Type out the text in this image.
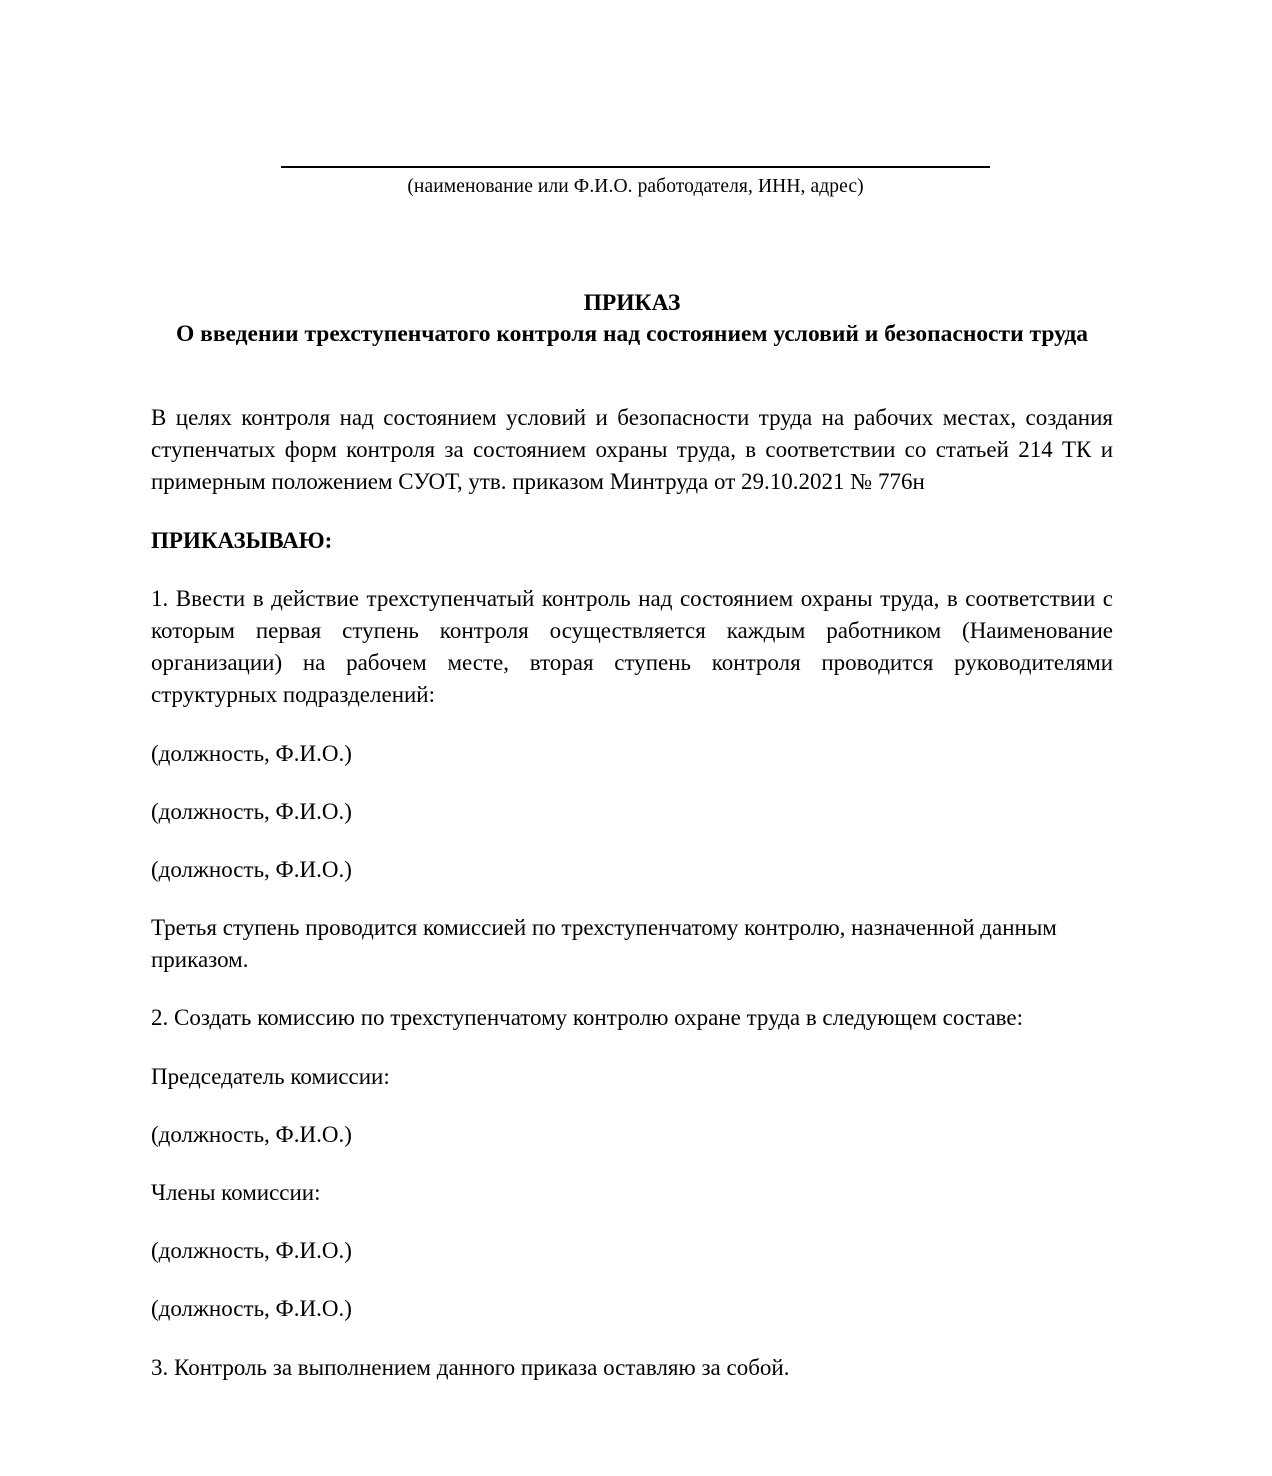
(наименование или Ф.И.О. работодателя, ИНН, адрес)
ПРИКАЗ
О введении трехступенчатого контроля над состоянием условий и безопасности труда

В целях контроля над состоянием условий и безопасности труда на рабочих местах, создания ступенчатых форм контроля за состоянием охраны труда, в соответствии со статьей 214 ТК и примерным положением СУОТ, утв. приказом Минтруда от 29.10.2021 № 776н

ПРИКАЗЫВАЮ:

1. Ввести в действие трехступенчатый контроль над состоянием охраны труда, в соответствии с которым первая ступень контроля осуществляется каждым работником (Наименование организации) на рабочем месте, вторая ступень контроля проводится руководителями структурных подразделений:

(должность, Ф.И.О.)

(должность, Ф.И.О.)

(должность, Ф.И.О.)

Третья ступень проводится комиссией по трехступенчатому контролю, назначенной данным приказом.

2. Создать комиссию по трехступенчатому контролю охране труда в следующем составе:

Председатель комиссии:

(должность, Ф.И.О.)

Члены комиссии:

(должность, Ф.И.О.)

(должность, Ф.И.О.)

3. Контроль за выполнением данного приказа оставляю за собой.
